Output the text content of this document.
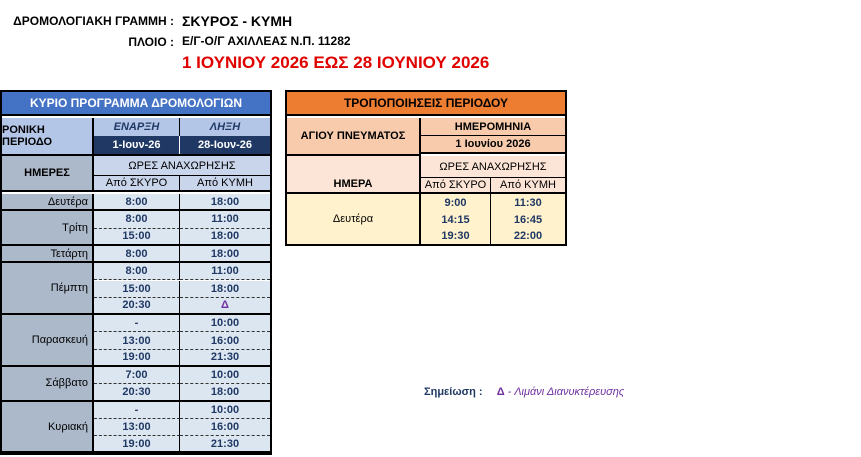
ΔΡΟΜΟΛΟΓΙΑΚΗ ΓΡΑΜΜΗ : ΣΚΥΡΟΣ - ΚΥΜΗ
ΠΛΟΙΟ : Ε/Γ-Ο/Γ ΑΧΙΛΛΕΑΣ Ν.Π. 11282
1 ΙΟΥΝΙΟΥ 2026 ΕΩΣ 28 ΙΟΥΝΙΟΥ 2026
ΚΥΡΙΟ ΠΡΟΓΡΑΜΜΑ ΔΡΟΜΟΛΟΓΙΩΝ
ΡΟΝΙΚΗ ΠΕΡΙΟΔΟ
ΕΝΑΡΞΗ	ΛΗΞΗ
1-Ιουν-26	28-Ιουν-26
ΗΜΕΡΕΣ
ΩΡΕΣ ΑΝΑΧΩΡΗΣΗΣ
Από ΣΚΥΡΟ	Από ΚΥΜΗ
Δευτέρα	8:00	18:00
Τρίτη
8:00	11:00
15:00	18:00
Τετάρτη	8:00	18:00
Πέμπτη
8:00	11:00
15:00	18:00
20:30	Δ
Παρασκευή
-	10:00
13:00	16:00
19:00	21:30
Σάββατο
7:00	10:00
20:30	18:00
Κυριακή
-	10:00
13:00	16:00
19:00	21:30
ΤΡΟΠΟΠΟΙΗΣΕΙΣ ΠΕΡΙΟΔΟΥ
ΑΓΙΟΥ ΠΝΕΥΜΑΤΟΣ
ΗΜΕΡΟΜΗΝΙΑ
1 Ιουνίου 2026
ΗΜΕΡΑ
ΩΡΕΣ ΑΝΑΧΩΡΗΣΗΣ
Από ΣΚΥΡΟ	Από ΚΥΜΗ
Δευτέρα
9:00	11:30
14:15	16:45
19:30	22:00
Σημείωση : Δ - Λιμάνι Διανυκτέρευσης
